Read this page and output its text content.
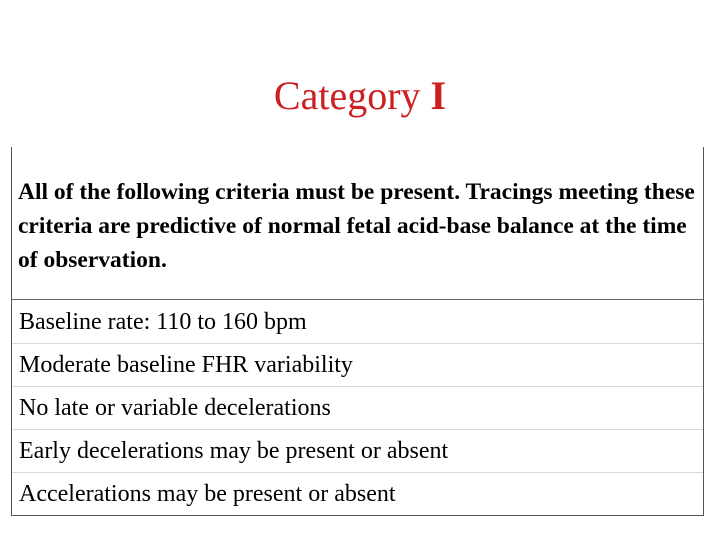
Category I
All of the following criteria must be present. Tracings meeting these criteria are predictive of normal fetal acid-base balance at the time of observation.
Baseline rate: 110 to 160 bpm
Moderate baseline FHR variability
No late or variable decelerations
Early decelerations may be present or absent
Accelerations may be present or absent
